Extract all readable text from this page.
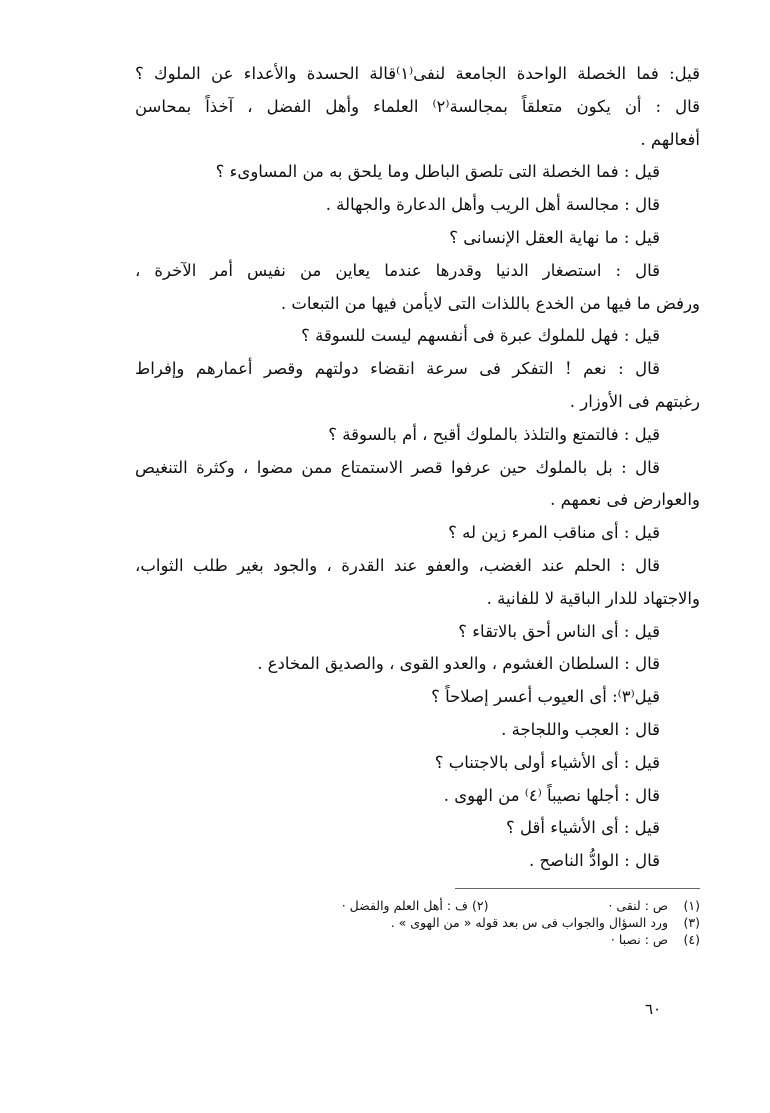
قيل: فما الخصلة الواحدة الجامعة لنفى⁽١⁾قالة الحسدة والأعداء عن الملوك ؟
قال : أن يكون متعلقاً بمجالسة⁽٢⁾ العلماء وأهل الفضل ، آخذاً بمحاسن
أفعالهم .
قيل : فما الخصلة التى تلصق الباطل وما يلحق به من المساوىء ؟
قال : مجالسة أهل الريب وأهل الدعارة والجهالة .
قيل : ما نهاية العقل الإنسانى ؟
قال : استصغار الدنيا وقدرها عندما يعاين من نفيس أمر الآخرة ،
ورفض ما فيها من الخدع باللذات التى لايأمن فيها من التبعات .
قيل : فهل للملوك عبرة فى أنفسهم ليست للسوقة ؟
قال : نعم ! التفكر فى سرعة انقضاء دولتهم وقصر أعمارهم وإفراط
رغبتهم فى الأوزار .
قيل : فالتمتع والتلذذ بالملوك أقبح ، أم بالسوقة ؟
قال : بل بالملوك حين عرفوا قصر الاستمتاع ممن مضوا ، وكثرة التنغيص
والعوارض فى نعمهم .
قيل : أى مناقب المرء زين له ؟
قال : الحلم عند الغضب، والعفو عند القدرة ، والجود بغير طلب الثواب،
والاجتهاد للدار الباقية لا للفانية .
قيل : أى الناس أحق بالاتقاء ؟
قال : السلطان الغشوم ، والعدو القوى ، والصديق المخادع .
قيل⁽٣⁾: أى العيوب أعسر إصلاحاً ؟
قال : العجب واللجاجة .
قيل : أى الأشياء أولى بالاجتناب ؟
قال : أجلها نصيباً ⁽٤⁾ من الهوى .
قيل : أى الأشياء أقل ؟
قال : الوادُّ الناصح .
(١)ص : لنقى ·(٢) ف : أهل العلم والفضل ·
(٣)ورد السؤال والجواب فى س بعد قوله « من الهوى » .
(٤)ص : نصبا ·
٦٠
